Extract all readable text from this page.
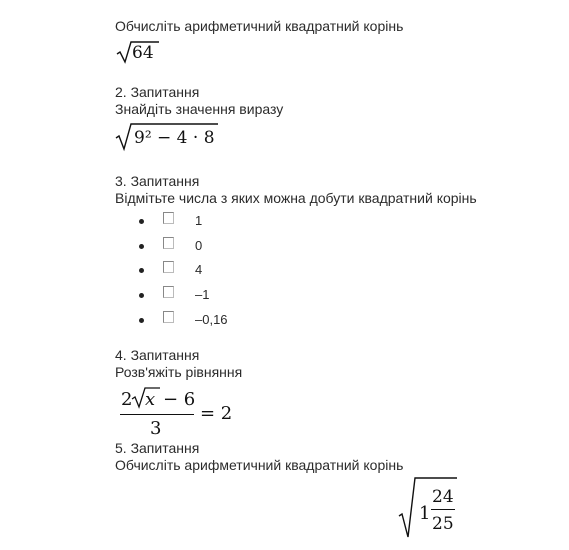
Обчисліть арифметичний квадратний корінь
64
2. Запитання
Знайдіть значення виразу
9² − 4 · 8
3. Запитання
Відмітьте числа з яких можна добути квадратний корінь
1
0
4
–1
–0,16
4. Запитання
Розв'яжіть рівняння
2 x − 6
3
= 2
5. Запитання
Обчисліть арифметичний квадратний корінь
1
24
25
